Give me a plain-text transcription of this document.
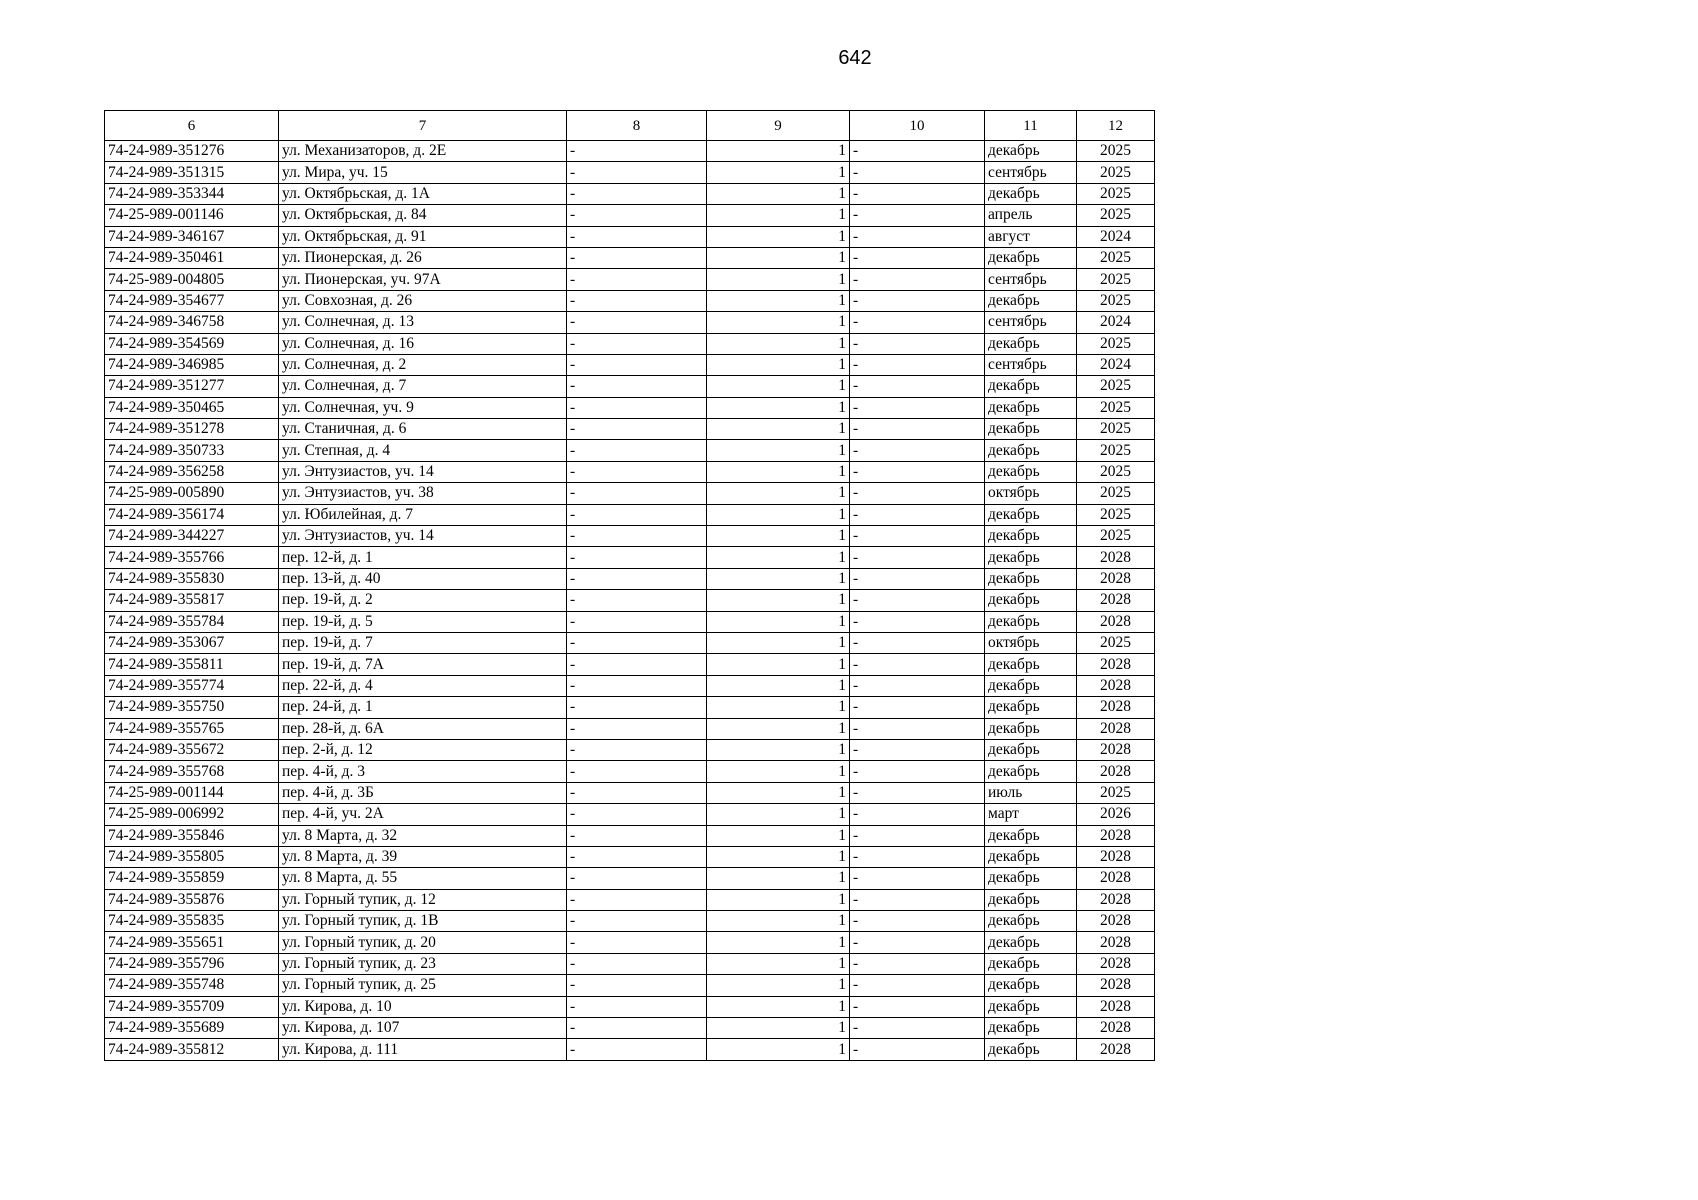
642
6	7	8	9	10	11	12
74-24-989-351276	ул. Механизаторов, д. 2Е	-	1	-	декабрь	2025
74-24-989-351315	ул. Мира, уч. 15	-	1	-	сентябрь	2025
74-24-989-353344	ул. Октябрьская, д. 1А	-	1	-	декабрь	2025
74-25-989-001146	ул. Октябрьская, д. 84	-	1	-	апрель	2025
74-24-989-346167	ул. Октябрьская, д. 91	-	1	-	август	2024
74-24-989-350461	ул. Пионерская, д. 26	-	1	-	декабрь	2025
74-25-989-004805	ул. Пионерская, уч. 97А	-	1	-	сентябрь	2025
74-24-989-354677	ул. Совхозная, д. 26	-	1	-	декабрь	2025
74-24-989-346758	ул. Солнечная, д. 13	-	1	-	сентябрь	2024
74-24-989-354569	ул. Солнечная, д. 16	-	1	-	декабрь	2025
74-24-989-346985	ул. Солнечная, д. 2	-	1	-	сентябрь	2024
74-24-989-351277	ул. Солнечная, д. 7	-	1	-	декабрь	2025
74-24-989-350465	ул. Солнечная, уч. 9	-	1	-	декабрь	2025
74-24-989-351278	ул. Станичная, д. 6	-	1	-	декабрь	2025
74-24-989-350733	ул. Степная, д. 4	-	1	-	декабрь	2025
74-24-989-356258	ул. Энтузиастов, уч. 14	-	1	-	декабрь	2025
74-25-989-005890	ул. Энтузиастов, уч. 38	-	1	-	октябрь	2025
74-24-989-356174	ул. Юбилейная, д. 7	-	1	-	декабрь	2025
74-24-989-344227	ул. Энтузиастов, уч. 14	-	1	-	декабрь	2025
74-24-989-355766	пер. 12-й, д. 1	-	1	-	декабрь	2028
74-24-989-355830	пер. 13-й, д. 40	-	1	-	декабрь	2028
74-24-989-355817	пер. 19-й, д. 2	-	1	-	декабрь	2028
74-24-989-355784	пер. 19-й, д. 5	-	1	-	декабрь	2028
74-24-989-353067	пер. 19-й, д. 7	-	1	-	октябрь	2025
74-24-989-355811	пер. 19-й, д. 7А	-	1	-	декабрь	2028
74-24-989-355774	пер. 22-й, д. 4	-	1	-	декабрь	2028
74-24-989-355750	пер. 24-й, д. 1	-	1	-	декабрь	2028
74-24-989-355765	пер. 28-й, д. 6А	-	1	-	декабрь	2028
74-24-989-355672	пер. 2-й, д. 12	-	1	-	декабрь	2028
74-24-989-355768	пер. 4-й, д. 3	-	1	-	декабрь	2028
74-25-989-001144	пер. 4-й, д. 3Б	-	1	-	июль	2025
74-25-989-006992	пер. 4-й, уч. 2А	-	1	-	март	2026
74-24-989-355846	ул. 8 Марта, д. 32	-	1	-	декабрь	2028
74-24-989-355805	ул. 8 Марта, д. 39	-	1	-	декабрь	2028
74-24-989-355859	ул. 8 Марта, д. 55	-	1	-	декабрь	2028
74-24-989-355876	ул. Горный тупик, д. 12	-	1	-	декабрь	2028
74-24-989-355835	ул. Горный тупик, д. 1В	-	1	-	декабрь	2028
74-24-989-355651	ул. Горный тупик, д. 20	-	1	-	декабрь	2028
74-24-989-355796	ул. Горный тупик, д. 23	-	1	-	декабрь	2028
74-24-989-355748	ул. Горный тупик, д. 25	-	1	-	декабрь	2028
74-24-989-355709	ул. Кирова, д. 10	-	1	-	декабрь	2028
74-24-989-355689	ул. Кирова, д. 107	-	1	-	декабрь	2028
74-24-989-355812	ул. Кирова, д. 111	-	1	-	декабрь	2028
